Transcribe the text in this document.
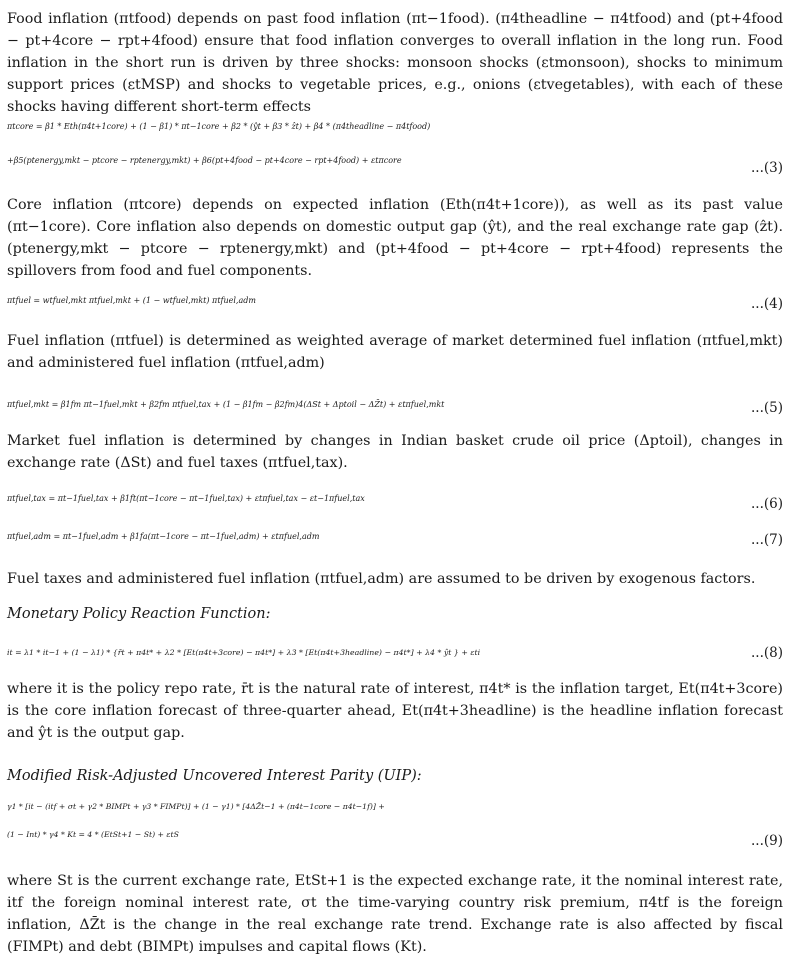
Food inflation (πtfood) depends on past food inflation (πt−1food). (π4theadline − π4tfood) and (pt+4food − pt+4core − rpt+4food) ensure that food inflation converges to overall inflation in the long run. Food inflation in the short run is driven by three shocks: monsoon shocks (εtmonsoon), shocks to minimum support prices (εtMSP) and shocks to vegetable prices, e.g., onions (εtvegetables), with each of these shocks having different short-term effects

πtcore = β1 * Eth(π4t+1core) + (1 − β1) * πt−1core + β2 * (ŷt + β3 * ẑt) + β4 * (π4theadline − π4tfood)
+β5(ptenergy,mkt − ptcore − rptenergy,mkt) + β6(pt+4food − pt+4core − rpt+4food) + εtπcore	...(3)

Core inflation (πtcore) depends on expected inflation (Eth(π4t+1core)), as well as its past value (πt−1core). Core inflation also depends on domestic output gap (ŷt), and the real exchange rate gap (ẑt). (ptenergy,mkt − ptcore − rptenergy,mkt) and (pt+4food − pt+4core − rpt+4food) represents the spillovers from food and fuel components.

πtfuel = wtfuel,mkt πtfuel,mkt + (1 − wtfuel,mkt) πtfuel,adm	...(4)

Fuel inflation (πtfuel) is determined as weighted average of market determined fuel inflation (πtfuel,mkt) and administered fuel inflation (πtfuel,adm)

πtfuel,mkt = β1fm πt−1fuel,mkt + β2fm πtfuel,tax + (1 − β1fm − β2fm)4(ΔSt + Δptoil − ΔZ̄t) + εtπfuel,mkt	...(5)

Market fuel inflation is determined by changes in Indian basket crude oil price (Δptoil), changes in exchange rate (ΔSt) and fuel taxes (πtfuel,tax).

πtfuel,tax = πt−1fuel,tax + β1ft(πt−1core − πt−1fuel,tax) + εtπfuel,tax − εt−1πfuel,tax	...(6)
πtfuel,adm = πt−1fuel,adm + β1fa(πt−1core − πt−1fuel,adm) + εtπfuel,adm	...(7)

Fuel taxes and administered fuel inflation (πtfuel,adm) are assumed to be driven by exogenous factors.

Monetary Policy Reaction Function:
it = λ1 * it−1 + (1 − λ1) * {r̄t + π4t* + λ2 * [Et(π4t+3core) − π4t*] + λ3 * [Et(π4t+3headline) − π4t*] + λ4 * ŷt } + εti	...(8)

where it is the policy repo rate, r̄t is the natural rate of interest, π4t* is the inflation target, Et(π4t+3core) is the core inflation forecast of three-quarter ahead, Et(π4t+3headline) is the headline inflation forecast and ŷt is the output gap.

Modified Risk-Adjusted Uncovered Interest Parity (UIP):
γ1 * [it − (itf + σt + γ2 * BIMPt + γ3 * FIMPt)] + (1 − γ1) * [4ΔZ̄t−1 + (π4t−1core − π4t−1f)] +
(1 − Int) * γ4 * Kt = 4 * (EtSt+1 − St) + εtS	...(9)

where St is the current exchange rate, EtSt+1 is the expected exchange rate, it the nominal interest rate, itf the foreign nominal interest rate, σt the time-varying country risk premium, π4tf is the foreign inflation, ΔZ̄t is the change in the real exchange rate trend. Exchange rate is also affected by fiscal (FIMPt) and debt (BIMPt) impulses and capital flows (Kt).
